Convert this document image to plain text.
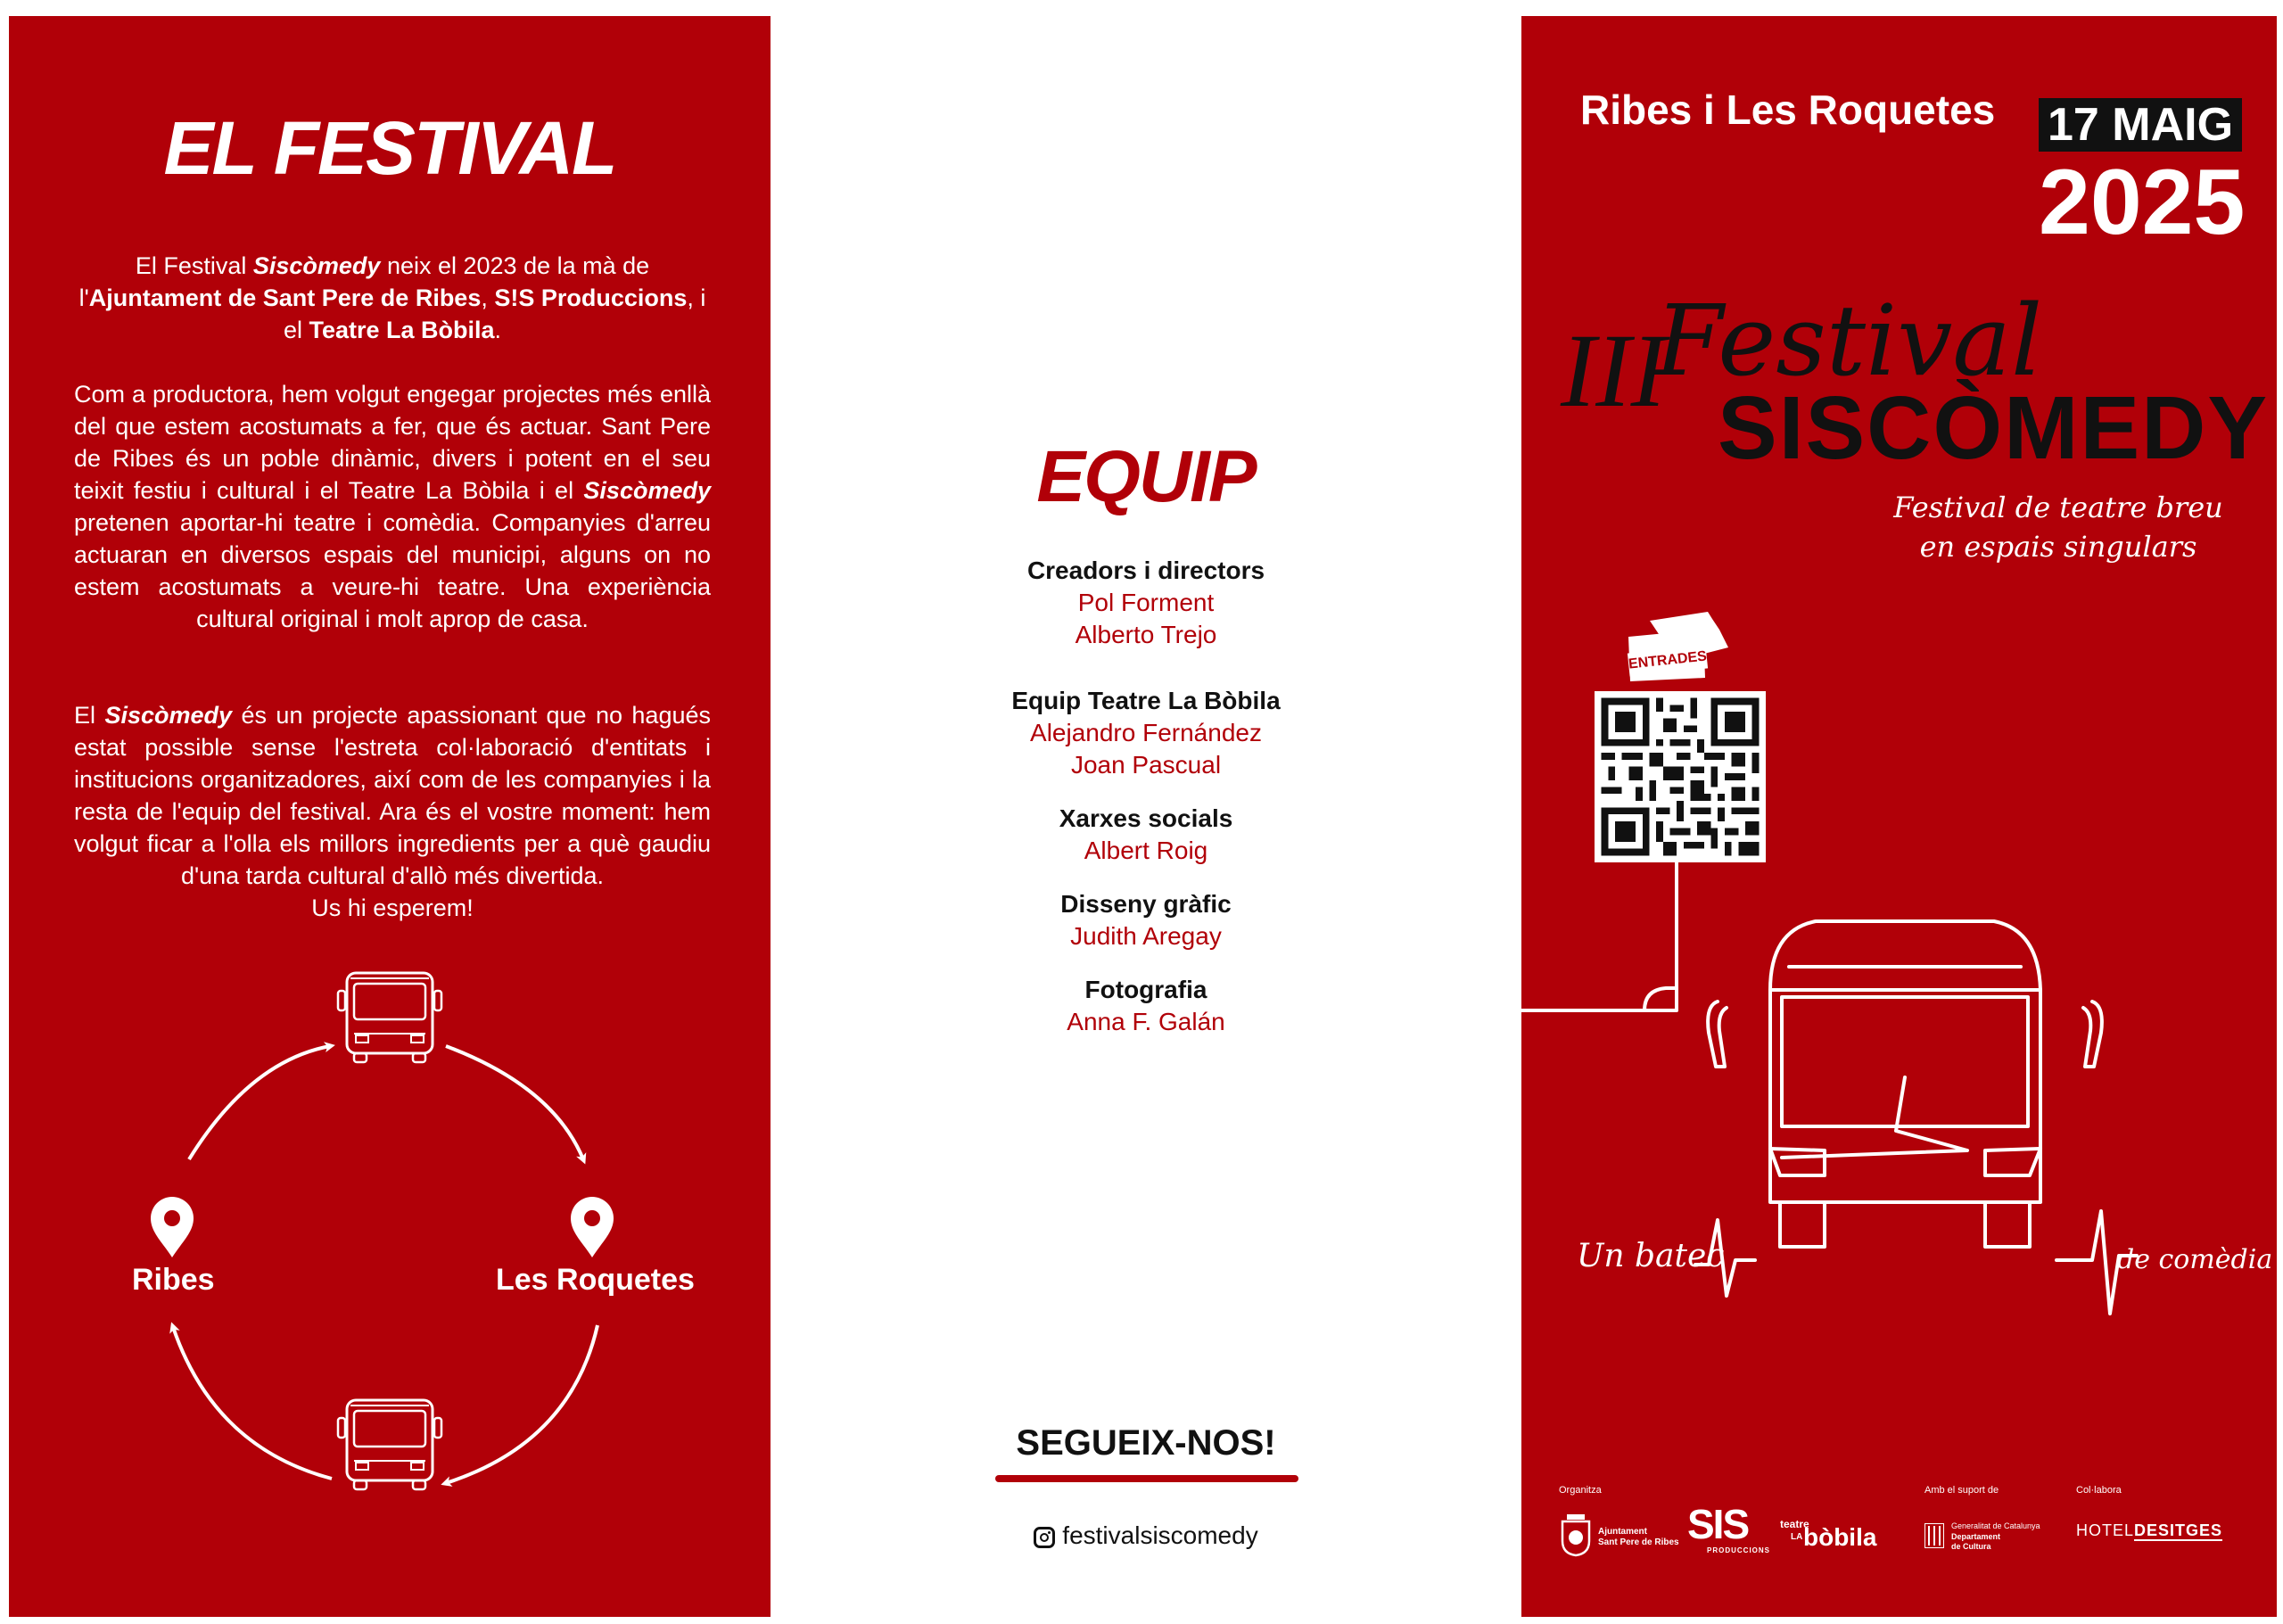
EL FESTIVAL

El Festival Siscòmedy neix el 2023 de la mà de l'Ajuntament de Sant Pere de Ribes, S!S Produccions, i el Teatre La Bòbila.

Com a productora, hem volgut engegar projectes més enllà del que estem acostumats a fer, que és actuar. Sant Pere de Ribes és un poble dinàmic, divers i potent en el seu teixit festiu i cultural i el Teatre La Bòbila i el Siscòmedy pretenen aportar-hi teatre i comèdia. Companyies d'arreu actuaran en diversos espais del municipi, alguns on no estem acostumats a veure-hi teatre. Una experiència cultural original i molt aprop de casa.

El Siscòmedy és un projecte apassionant que no hagués estat possible sense l'estreta col·laboració d'entitats i institucions organitzadores, així com de les companyies i la resta de l'equip del festival. Ara és el vostre moment: hem volgut ficar a l'olla els millors ingredients per a què gaudiu d'una tarda cultural d'allò més divertida.
Us hi esperem!

Ribes	Les Roquetes
EQUIP
Creadors i directors
Pol Forment
Alberto Trejo
Equip Teatre La Bòbila
Alejandro Fernández
Joan Pascual
Xarxes socials
Albert Roig
Disseny gràfic
Judith Aregay
Fotografia
Anna F. Galán
SEGUEIX-NOS!
festivalsiscomedy
Ribes i Les Roquetes 17 MAIG
2025
III
Festival
SISCÒMEDY
Festival de teatre breu
en espais singulars
ENTRADES
Un batec	de comèdia
Organitza	Amb el suport de	Col·labora
Ajuntament
Sant Pere de Ribes SIS
PRODUCCIONS
teatre
LA bòbila	Generalitat de Catalunya
Departament
de Cultura
HOTELDESITGES
